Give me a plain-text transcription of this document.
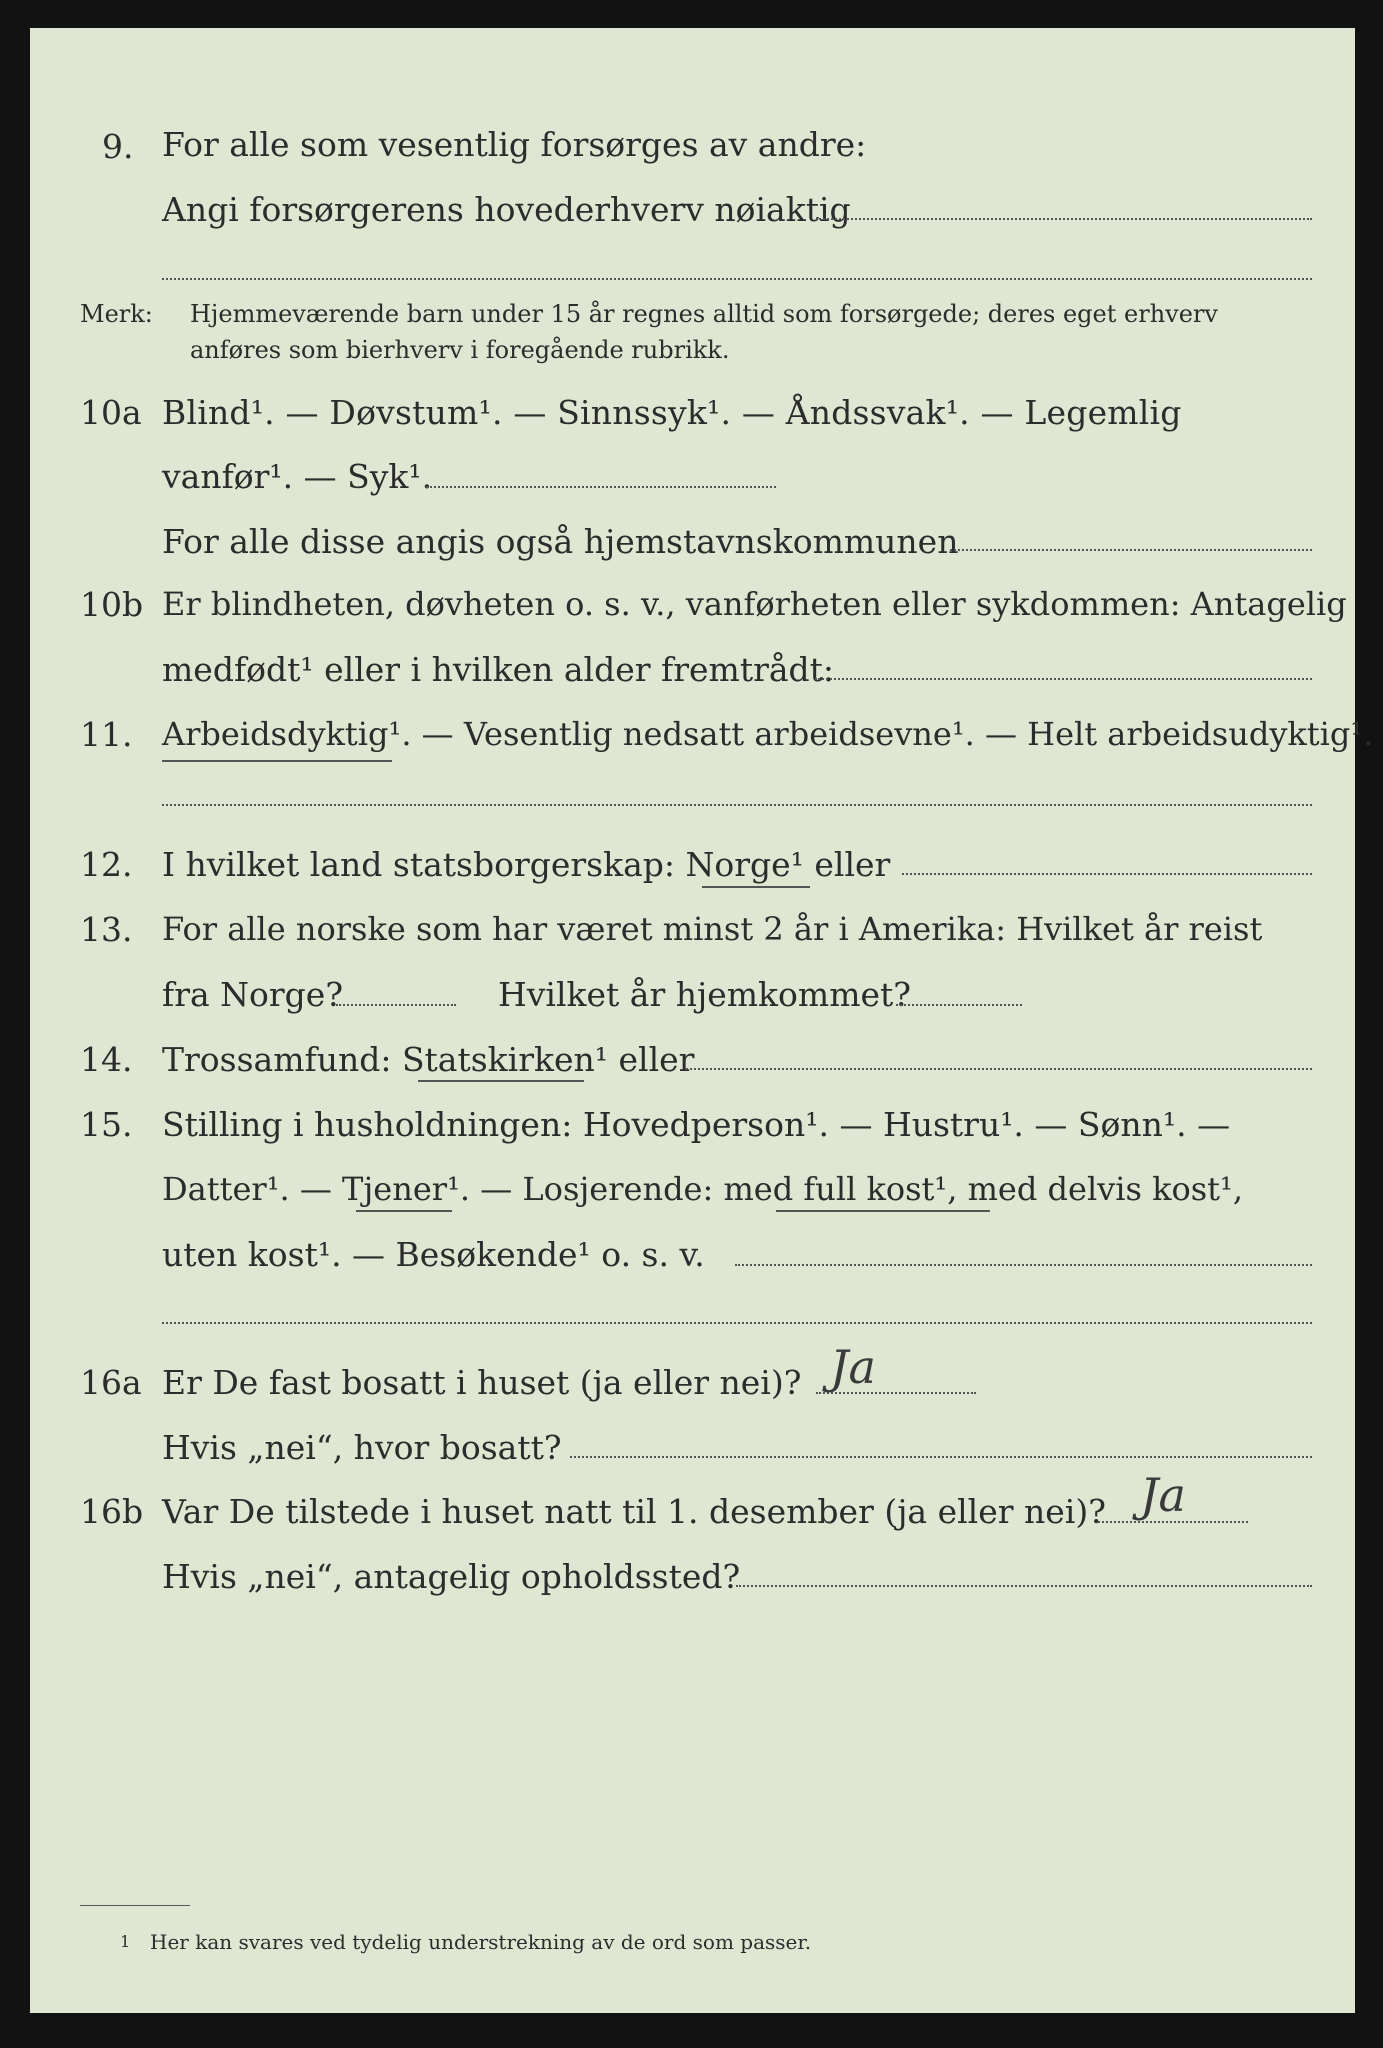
9. For alle som vesentlig forsørges av andre:
Angi forsørgerens hovederhverv nøiaktig
Merk: Hjemmeværende barn under 15 år regnes alltid som forsørgede; deres eget erhverv
anføres som bierhverv i foregående rubrikk.
10a Blind¹. — Døvstum¹. — Sinnssyk¹. — Åndssvak¹. — Legemlig
vanfør¹. — Syk¹.
For alle disse angis også hjemstavnskommunen
10b Er blindheten, døvheten o. s. v., vanførheten eller sykdommen: Antagelig
medfødt¹ eller i hvilken alder fremtrådt:
11. Arbeidsdyktig¹. — Vesentlig nedsatt arbeidsevne¹. — Helt arbeidsudyktig¹.
12. I hvilket land statsborgerskap: Norge¹ eller
13. For alle norske som har været minst 2 år i Amerika: Hvilket år reist
fra Norge?	Hvilket år hjemkommet?
14. Trossamfund: Statskirken¹ eller
15. Stilling i husholdningen: Hovedperson¹. — Hustru¹. — Sønn¹. —
Datter¹. — Tjener¹. — Losjerende: med full kost¹, med delvis kost¹,
uten kost¹. — Besøkende¹ o. s. v.
16a Er De fast bosatt i huset (ja eller nei)? Ja
Hvis „nei“, hvor bosatt?
16b Var De tilstede i huset natt til 1. desember (ja eller nei)? Ja
Hvis „nei“, antagelig opholdssted?
1 Her kan svares ved tydelig understrekning av de ord som passer.
